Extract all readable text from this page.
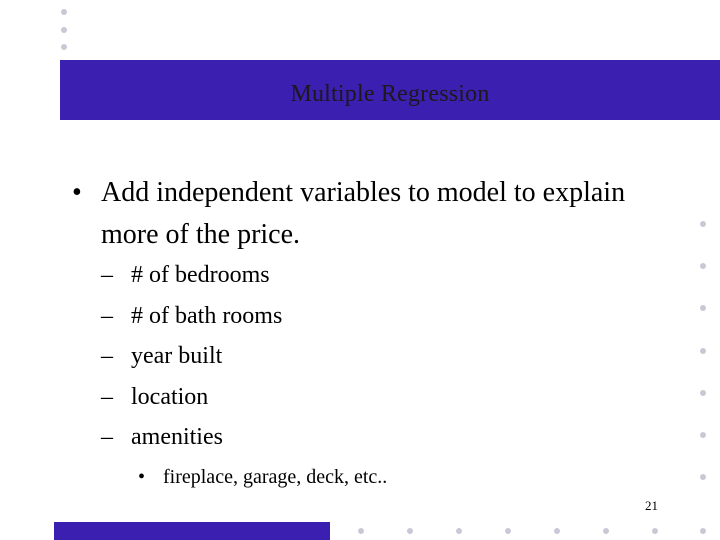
Multiple Regression
• Add independent variables to model to explain more of the price.
– # of bedrooms
– # of bath rooms
– year built
– location
– amenities
• fireplace, garage, deck, etc..
21
